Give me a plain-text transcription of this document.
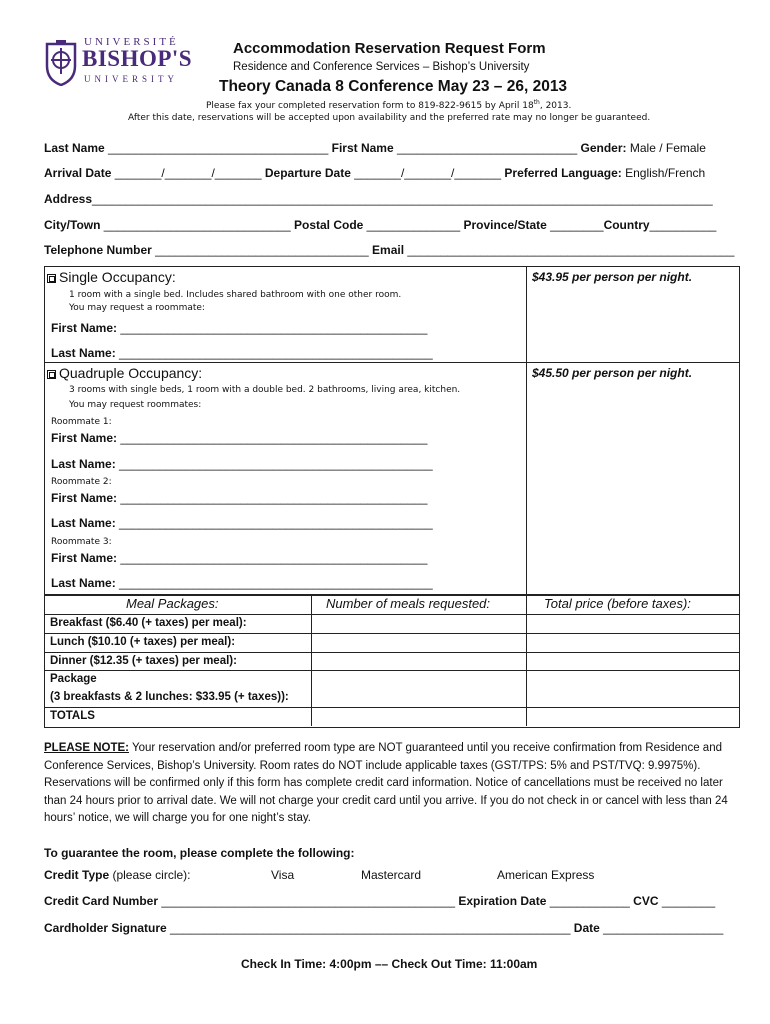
UNIVERSITÉ
BISHOP'S
UNIVERSITY
Accommodation Reservation Request Form
Residence and Conference Services – Bishop’s University
Theory Canada 8 Conference May 23 – 26, 2013
Please fax your completed reservation form to 819-822-9615 by April 18th, 2013.
After this date, reservations will be accepted upon availability and the preferred rate may no longer be guaranteed.
Last Name _________________________________ First Name ___________________________ Gender: Male / Female
Arrival Date _______/_______/_______ Departure Date _______/_______/_______ Preferred Language: English/French
Address_____________________________________________________________________________________________
City/Town ____________________________ Postal Code ______________ Province/State ________Country__________
Telephone Number ________________________________ Email _________________________________________________
Single Occupancy:	$43.95 per person per night.
1 room with a single bed. Includes shared bathroom with one other room.
You may request a roommate:
First Name: ______________________________________________
Last Name: _______________________________________________
Quadruple Occupancy:	$45.50 per person per night.
3 rooms with single beds, 1 room with a double bed. 2 bathrooms, living area, kitchen.
You may request roommates:
Roommate 1:
First Name: ______________________________________________
Last Name: _______________________________________________
Roommate 2:
First Name: ______________________________________________
Last Name: _______________________________________________
Roommate 3:
First Name: ______________________________________________
Last Name: _______________________________________________
Meal Packages:	Number of meals requested:	Total price (before taxes):
Breakfast ($6.40 (+ taxes) per meal):
Lunch ($10.10 (+ taxes) per meal):
Dinner ($12.35 (+ taxes) per meal):
Package
(3 breakfasts & 2 lunches: $33.95 (+ taxes)):
TOTALS
PLEASE NOTE: Your reservation and/or preferred room type are NOT guaranteed until you receive confirmation from Residence and Conference Services, Bishop’s University. Room rates do NOT include applicable taxes (GST/TPS: 5% and PST/TVQ: 9.9975%). Reservations will be confirmed only if this form has complete credit card information. Notice of cancellations must be received no later than 24 hours prior to arrival date. We will not charge your credit card until you arrive. If you do not check in or cancel with less than 24 hours’ notice, we will charge you for one night’s stay.
To guarantee the room, please complete the following:
Credit Type (please circle):	Visa	Mastercard	American Express
Credit Card Number ____________________________________________ Expiration Date ____________ CVC ________
Cardholder Signature ____________________________________________________________ Date __________________
Check In Time: 4:00pm –– Check Out Time: 11:00am
